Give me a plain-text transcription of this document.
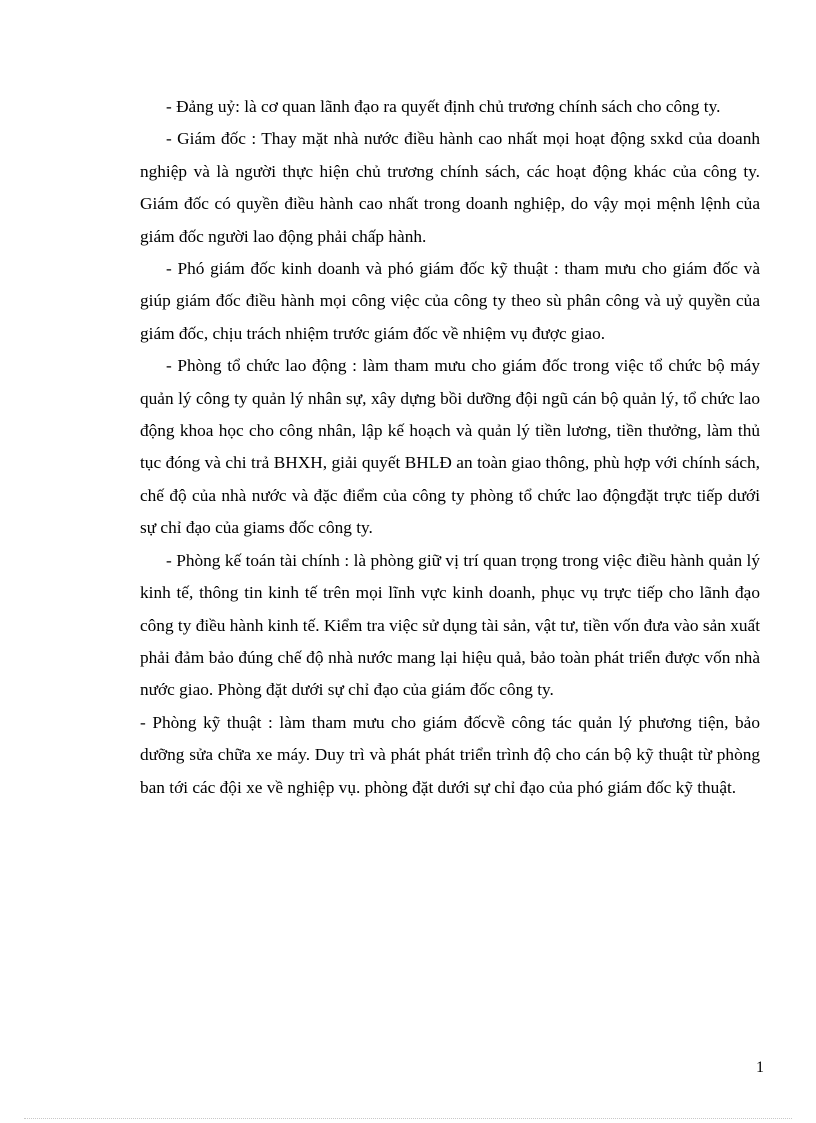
- Đảng uỷ: là cơ quan lãnh đạo ra quyết định chủ trương chính sách cho công ty.

- Giám đốc : Thay mặt nhà nước điều hành cao nhất mọi hoạt động sxkd của doanh nghiệp và là người thực hiện chủ trương chính sách, các hoạt động khác của công ty. Giám đốc có quyền điều hành cao nhất trong doanh nghiệp, do vậy mọi mệnh lệnh của giám đốc người lao động phải chấp hành.

- Phó giám đốc kinh doanh và phó giám đốc kỹ thuật : tham mưu cho giám đốc và giúp giám đốc điều hành mọi công việc của công ty theo sù phân công và uỷ quyền của giám đốc, chịu trách nhiệm trước giám đốc về nhiệm vụ được giao.

- Phòng tổ chức lao động : làm tham mưu cho giám đốc trong việc tổ chức bộ máy quản lý công ty quản lý nhân sự, xây dựng bồi dưỡng đội ngũ cán bộ quản lý, tổ chức lao động khoa học cho công nhân, lập kế hoạch và quản lý tiền lương, tiền thưởng, làm thủ tục đóng và chi trả BHXH, giải quyết BHLĐ an toàn giao thông, phù hợp với chính sách, chế độ của nhà nước và đặc điểm của công ty phòng tổ chức lao độngđặt trực tiếp dưới sự chỉ đạo của giams đốc công ty.

- Phòng kế toán tài chính : là phòng giữ vị trí quan trọng trong việc điều hành quản lý kinh tế, thông tin kinh tế trên mọi lĩnh vực kinh doanh, phục vụ trực tiếp cho lãnh đạo công ty điều hành kinh tế. Kiểm tra việc sử dụng tài sản, vật tư, tiền vốn đưa vào sản xuất phải đảm bảo đúng chế độ nhà nước mang lại hiệu quả, bảo toàn phát triển được vốn nhà nước giao. Phòng đặt dưới sự chỉ đạo của giám đốc công ty.

- Phòng kỹ thuật : làm tham mưu cho giám đốcvề công tác quản lý phương tiện, bảo dưỡng sửa chữa xe máy. Duy trì và phát phát triển trình độ cho cán bộ kỹ thuật từ phòng ban tới các đội xe về nghiệp vụ. phòng đặt dưới sự chỉ đạo của phó giám đốc kỹ thuật.

1
